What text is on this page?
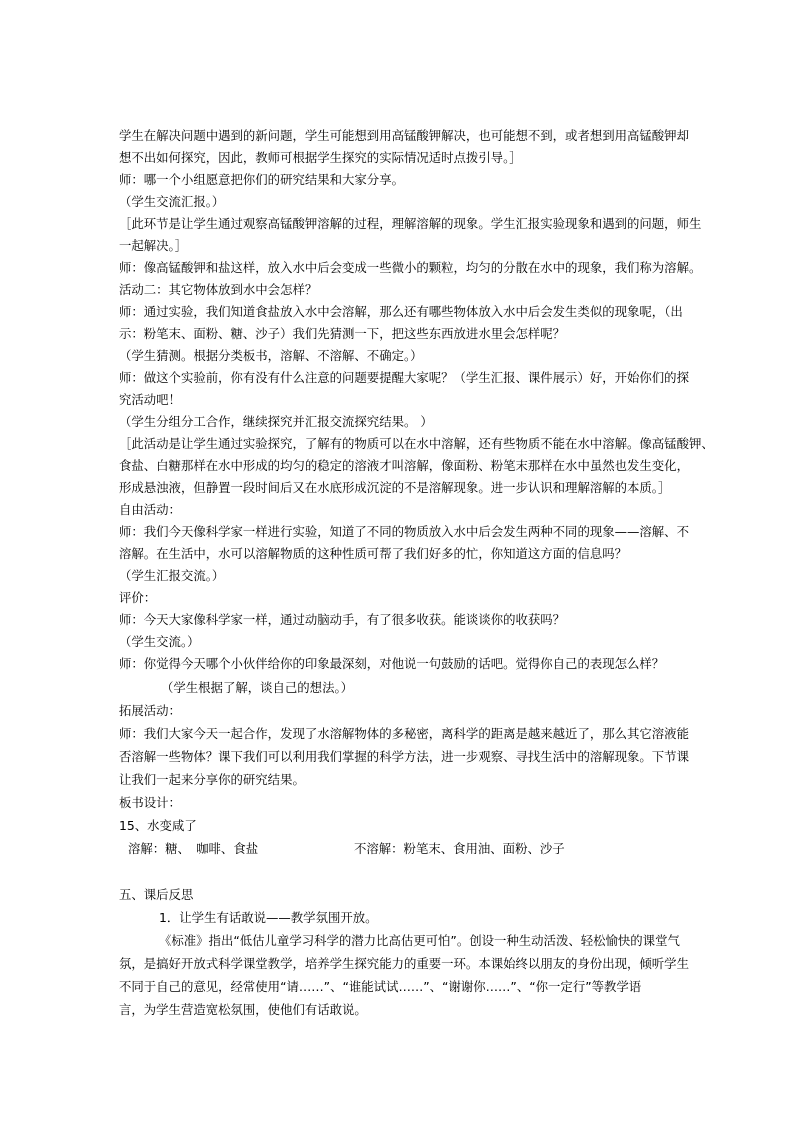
学生在解决问题中遇到的新问题，学生可能想到用高锰酸钾解决，也可能想不到，或者想到用高锰酸钾却

想不出如何探究，因此，教师可根据学生探究的实际情况适时点拨引导。］

师：哪一个小组愿意把你们的研究结果和大家分享。

（学生交流汇报。）

［此环节是让学生通过观察高锰酸钾溶解的过程，理解溶解的现象。学生汇报实验现象和遇到的问题，师生

一起解决。］

师：像高锰酸钾和盐这样，放入水中后会变成一些微小的颗粒，均匀的分散在水中的现象，我们称为溶解。

活动二：其它物体放到水中会怎样？

师：通过实验，我们知道食盐放入水中会溶解，那么还有哪些物体放入水中后会发生类似的现象呢，（出

示：粉笔末、面粉、糖、沙子）我们先猜测一下，把这些东西放进水里会怎样呢？

（学生猜测。根据分类板书，溶解、不溶解、不确定。）

师：做这个实验前，你有没有什么注意的问题要提醒大家呢？（学生汇报、课件展示）好，开始你们的探

究活动吧！

（学生分组分工合作，继续探究并汇报交流探究结果。 ）

［此活动是让学生通过实验探究，了解有的物质可以在水中溶解，还有些物质不能在水中溶解。像高锰酸钾、

食盐、白糖那样在水中形成的均匀的稳定的溶液才叫溶解，像面粉、粉笔末那样在水中虽然也发生变化，

形成悬浊液，但静置一段时间后又在水底形成沉淀的不是溶解现象。进一步认识和理解溶解的本质。］

自由活动：

师：我们今天像科学家一样进行实验，知道了不同的物质放入水中后会发生两种不同的现象——溶解、不

溶解。在生活中，水可以溶解物质的这种性质可帮了我们好多的忙，你知道这方面的信息吗？

（学生汇报交流。）

评价：

师：今天大家像科学家一样，通过动脑动手，有了很多收获。能谈谈你的收获吗？

（学生交流。）

师：你觉得今天哪个小伙伴给你的印象最深刻，对他说一句鼓励的话吧。觉得你自己的表现怎么样？

（学生根据了解，谈自己的想法。）

拓展活动：

师：我们大家今天一起合作，发现了水溶解物体的多秘密，离科学的距离是越来越近了，那么其它溶液能

否溶解一些物体？课下我们可以利用我们掌握的科学方法，进一步观察、寻找生活中的溶解现象。下节课

让我们一起来分享你的研究结果。

板书设计：

15、水变咸了

溶解：糖、　咖啡、食盐	不溶解：粉笔末、食用油、面粉、沙子

五、课后反思

1．让学生有话敢说——教学氛围开放。

《标准》指出“低估儿童学习科学的潜力比高估更可怕”。创设一种生动活泼、轻松愉快的课堂气

氛，是搞好开放式科学课堂教学，培养学生探究能力的重要一环。本课始终以朋友的身份出现，倾听学生

不同于自己的意见，经常使用“请……”、“谁能试试……”、“谢谢你……”、“你一定行”等教学语

言，为学生营造宽松氛围，使他们有话敢说。
